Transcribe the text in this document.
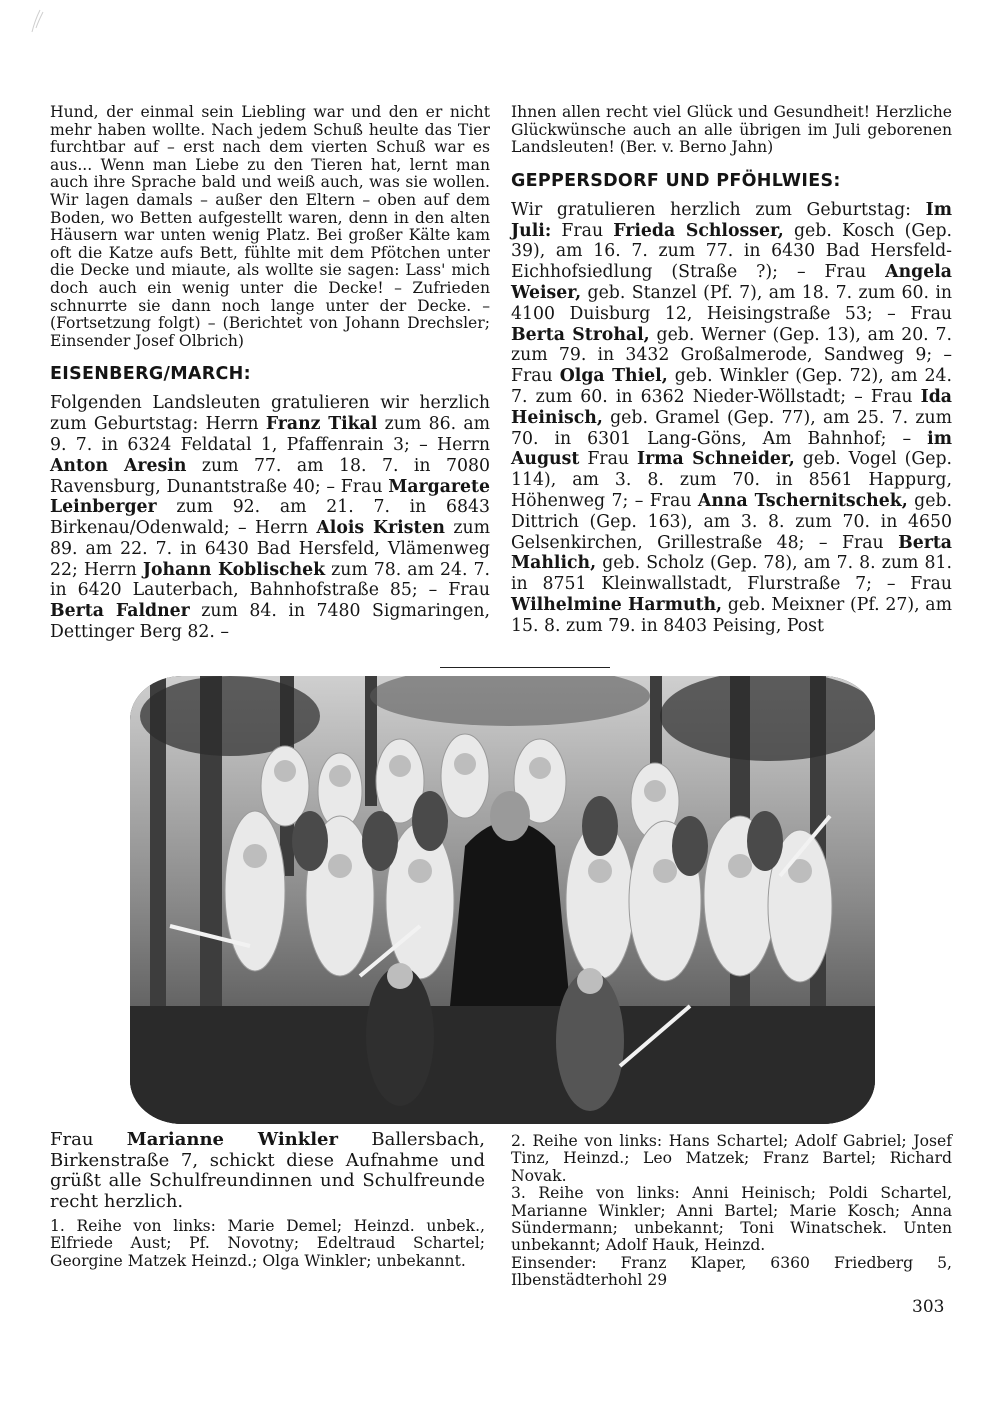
Hund, der einmal sein Liebling war und den er nicht mehr haben wollte. Nach jedem Schuß heulte das Tier furchtbar auf – erst nach dem vierten Schuß war es aus... Wenn man Liebe zu den Tieren hat, lernt man auch ihre Sprache bald und weiß auch, was sie wollen. Wir lagen damals – außer den Eltern – oben auf dem Boden, wo Betten aufgestellt waren, denn in den alten Häusern war unten wenig Platz. Bei großer Kälte kam oft die Katze aufs Bett, fühlte mit dem Pfötchen unter die Decke und miaute, als wollte sie sagen: Lass' mich doch auch ein wenig unter die Decke! – Zufrieden schnurrte sie dann noch lange unter der Decke. – (Fortsetzung folgt) – (Berichtet von Johann Drechsler; Einsender Josef Olbrich)

EISENBERG/MARCH:

Folgenden Landsleuten gratulieren wir herzlich zum Geburtstag: Herrn Franz Tikal zum 86. am 9. 7. in 6324 Feldatal 1, Pfaffenrain 3; – Herrn Anton Aresin zum 77. am 18. 7. in 7080 Ravensburg, Dunantstraße 40; – Frau Margarete Leinberger zum 92. am 21. 7. in 6843 Birkenau/Odenwald; – Herrn Alois Kristen zum 89. am 22. 7. in 6430 Bad Hersfeld, Vlämenweg 22; Herrn Johann Koblischek zum 78. am 24. 7. in 6420 Lauterbach, Bahnhofstraße 85; – Frau Berta Faldner zum 84. in 7480 Sigmaringen, Dettinger Berg 82. –

Ihnen allen recht viel Glück und Gesundheit! Herzliche Glückwünsche auch an alle übrigen im Juli geborenen Landsleuten! (Ber. v. Berno Jahn)

GEPPERSDORF UND PFÖHLWIES:

Wir gratulieren herzlich zum Geburtstag: Im Juli: Frau Frieda Schlosser, geb. Kosch (Gep. 39), am 16. 7. zum 77. in 6430 Bad Hersfeld-Eichhofsiedlung (Straße ?); – Frau Angela Weiser, geb. Stanzel (Pf. 7), am 18. 7. zum 60. in 4100 Duisburg 12, Heisingstraße 53; – Frau Berta Strohal, geb. Werner (Gep. 13), am 20. 7. zum 79. in 3432 Großalmerode, Sandweg 9; – Frau Olga Thiel, geb. Winkler (Gep. 72), am 24. 7. zum 60. in 6362 Nieder-Wöllstadt; – Frau Ida Heinisch, geb. Gramel (Gep. 77), am 25. 7. zum 70. in 6301 Lang-Göns, Am Bahnhof; – im August Frau Irma Schneider, geb. Vogel (Gep. 114), am 3. 8. zum 70. in 8561 Happurg, Höhenweg 7; – Frau Anna Tschernitschek, geb. Dittrich (Gep. 163), am 3. 8. zum 70. in 4650 Gelsenkirchen, Grillestraße 48; – Frau Berta Mahlich, geb. Scholz (Gep. 78), am 7. 8. zum 81. in 8751 Kleinwallstadt, Flurstraße 7; – Frau Wilhelmine Harmuth, geb. Meixner (Pf. 27), am 15. 8. zum 79. in 8403 Peising, Post

Frau Marianne Winkler Ballersbach, Birkenstraße 7, schickt diese Aufnahme und grüßt alle Schulfreundinnen und Schulfreunde recht herzlich.

1. Reihe von links: Marie Demel; Heinzd. unbek., Elfriede Aust; Pf. Novotny; Edeltraud Schartel; Georgine Matzek Heinzd.; Olga Winkler; unbekannt.

2. Reihe von links: Hans Schartel; Adolf Gabriel; Josef Tinz, Heinzd.; Leo Matzek; Franz Bartel; Richard Novak.

3. Reihe von links: Anni Heinisch; Poldi Schartel, Marianne Winkler; Anni Bartel; Marie Kosch; Anna Sündermann; unbekannt; Toni Winatschek. Unten unbekannt; Adolf Hauk, Heinzd.

Einsender: Franz Klaper, 6360 Friedberg 5, Ilbenstädterhohl 29

303
